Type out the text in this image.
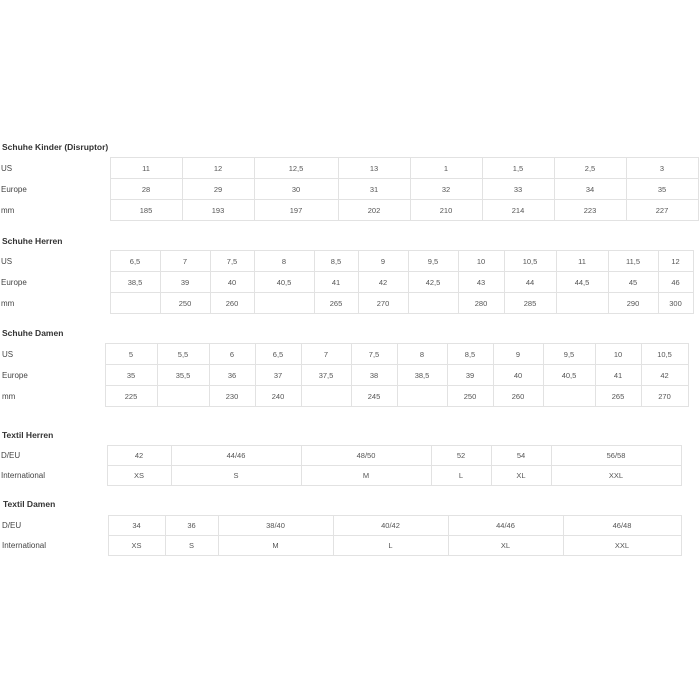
Schuhe Kinder (Disruptor)
US	11	12	12,5	13	1	1,5	2,5	3
Europe	28	29	30	31	32	33	34	35
mm	185	193	197	202	210	214	223	227
Schuhe Herren
US	6,5	7	7,5	8	8,5	9	9,5	10	10,5	11	11,5	12
Europe	38,5	39	40	40,5	41	42	42,5	43	44	44,5	45	46
mm		250	260		265	270		280	285		290	300
Schuhe Damen
US	5	5,5	6	6,5	7	7,5	8	8,5	9	9,5	10	10,5
Europe	35	35,5	36	37	37,5	38	38,5	39	40	40,5	41	42
mm	225		230	240		245		250	260		265	270
Textil Herren
D/EU	42	44/46	48/50	52	54	56/58
International	XS	S	M	L	XL	XXL
Textil Damen
D/EU	34	36	38/40	40/42	44/46	46/48
International	XS	S	M	L	XL	XXL
